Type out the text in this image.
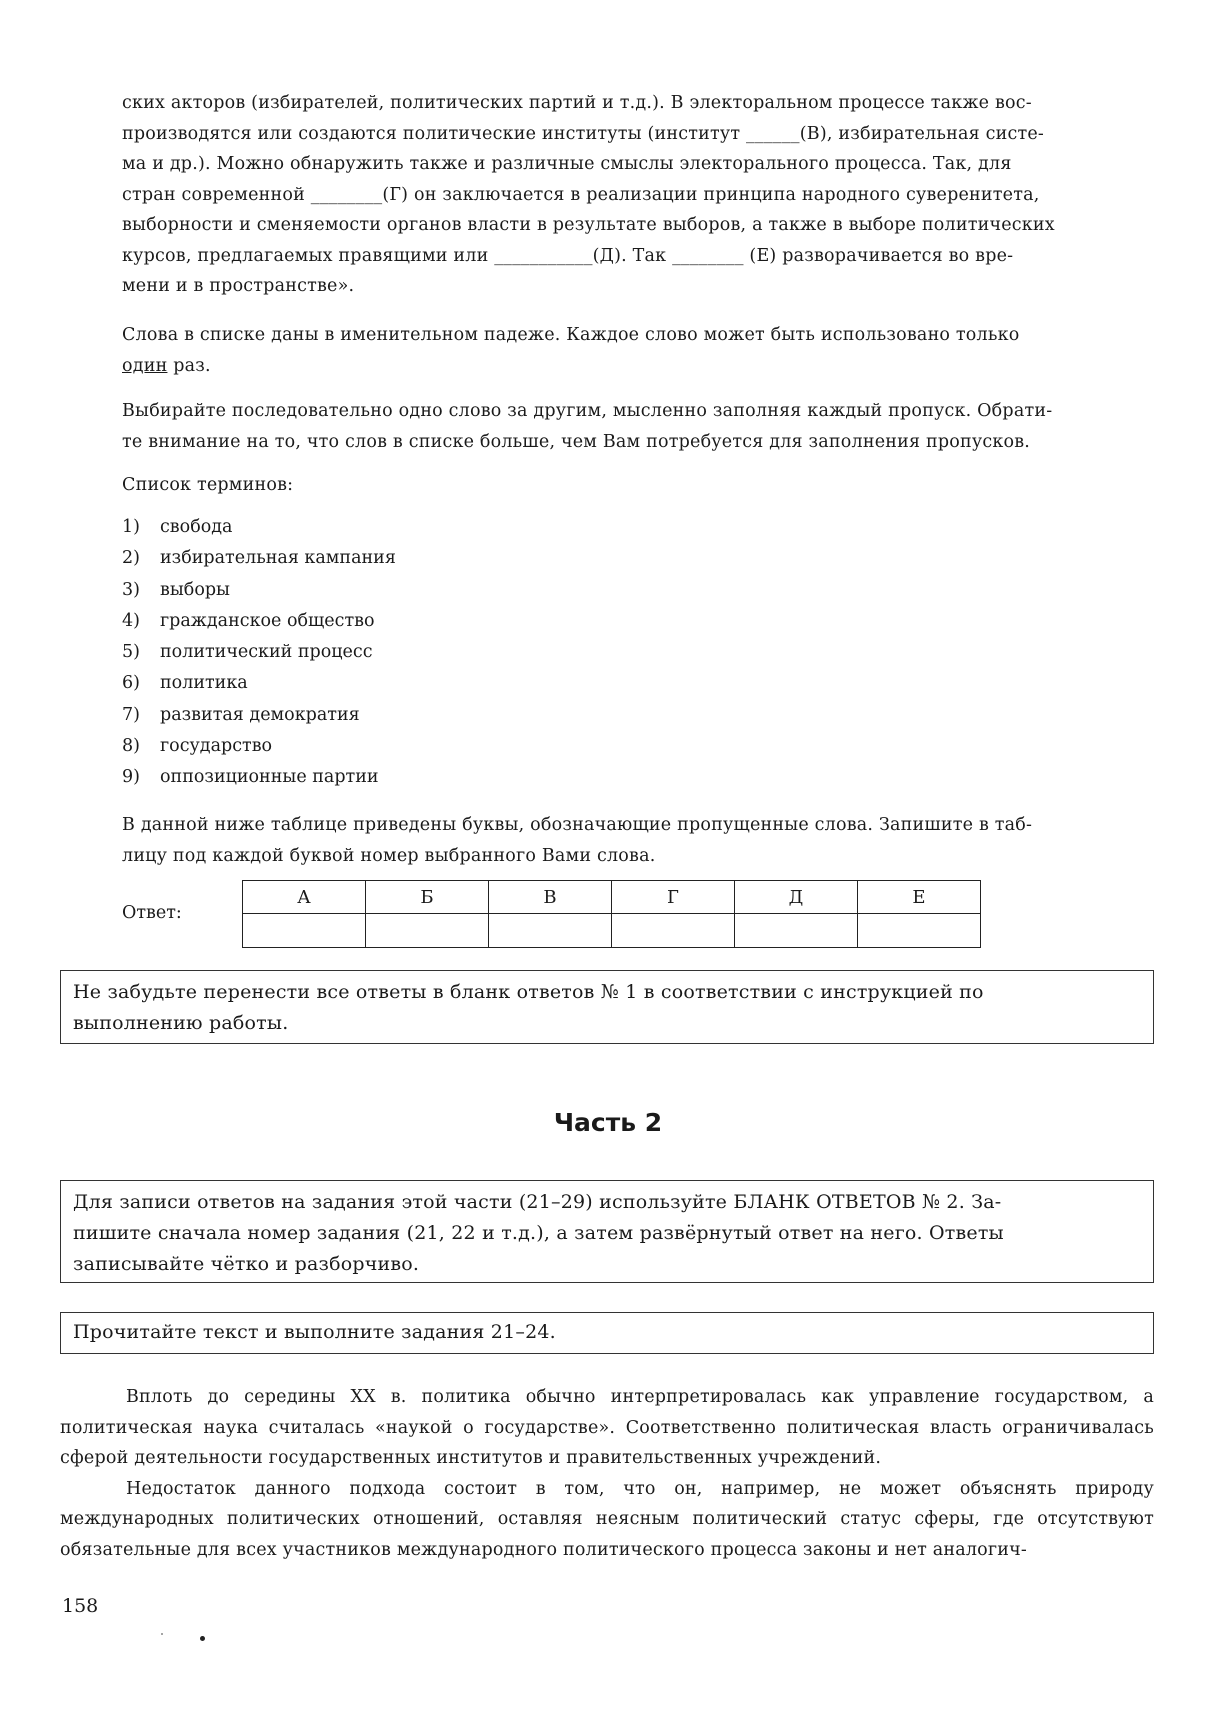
ских акторов (избирателей, политических партий и т.д.). В электоральном процессе также вос-

производятся или создаются политические институты (институт ______(В), избирательная систе-

ма и др.). Можно обнаружить также и различные смыслы электорального процесса. Так, для

стран современной ________(Г) он заключается в реализации принципа народного суверенитета,

выборности и сменяемости органов власти в результате выборов, а также в выборе политических

курсов, предлагаемых правящими или ___________(Д). Так ________ (Е) разворачивается во вре-

мени и в пространстве».

Слова в списке даны в именительном падеже. Каждое слово может быть использовано только

один раз.

Выбирайте последовательно одно слово за другим, мысленно заполняя каждый пропуск. Обрати-

те внимание на то, что слов в списке больше, чем Вам потребуется для заполнения пропусков.

Список терминов:
1)	свобода
2)	избирательная кампания
3)	выборы
4)	гражданское общество
5)	политический процесс
6)	политика
7)	развитая демократия
8)	государство
9)	оппозиционные партии

В данной ниже таблице приведены буквы, обозначающие пропущенные слова. Запишите в таб-

лицу под каждой буквой номер выбранного Вами слова.

Ответ:
А	Б	В	Г	Д	Е

Не забудьте перенести все ответы в бланк ответов № 1 в соответствии с инструкцией по
выполнению работы.
Часть 2
Для записи ответов на задания этой части (21–29) используйте БЛАНК ОТВЕТОВ № 2. За-
пишите сначала номер задания (21, 22 и т.д.), а затем развёрнутый ответ на него. Ответы
записывайте чётко и разборчиво.
Прочитайте текст и выполните задания 21–24.

Вплоть до середины XX в. политика обычно интерпретировалась как управление государством, а политическая наука считалась «наукой о государстве». Соответственно политическая власть ограничивалась сферой деятельности государственных институтов и правительственных учреждений.

Недостаток данного подхода состоит в том, что он, например, не может объяснять природу международных политических отношений, оставляя неясным политический статус сферы, где отсутствуют обязательные для всех участников международного политического процесса законы и нет аналогич-

158
